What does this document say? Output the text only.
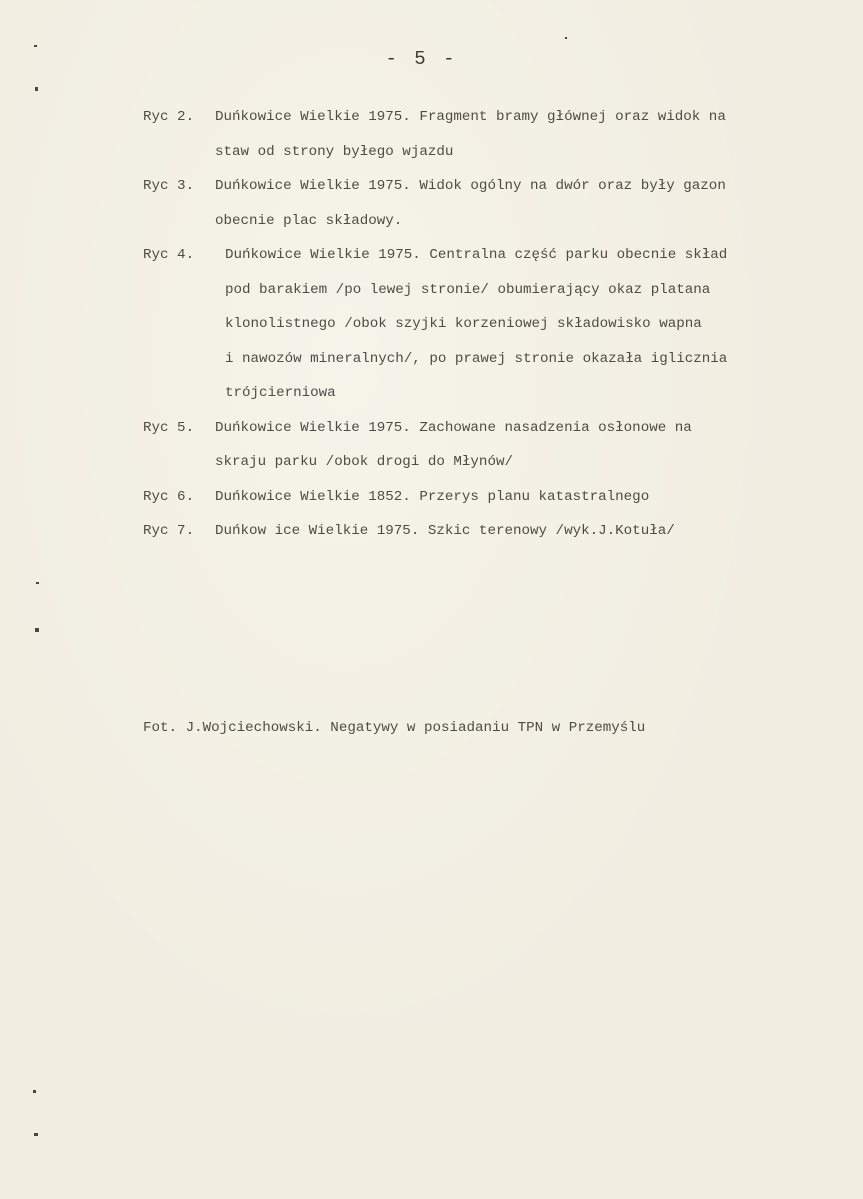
- 5 -
Ryc 2.	Duńkowice Wielkie 1975. Fragment bramy głównej oraz widok na
staw od strony byłego wjazdu
Ryc 3.	Duńkowice Wielkie 1975. Widok ogólny na dwór oraz były gazon
obecnie plac składowy.
Ryc 4.	Duńkowice Wielkie 1975. Centralna część parku obecnie skład
pod barakiem /po lewej stronie/ obumierający okaz platana
klonolistnego /obok szyjki korzeniowej składowisko wapna
i nawozów mineralnych/, po prawej stronie okazała iglicznia
trójcierniowa
Ryc 5.	Duńkowice Wielkie 1975. Zachowane nasadzenia osłonowe na
skraju parku /obok drogi do Młynów/
Ryc 6.	Duńkowice Wielkie 1852. Przerys planu katastralnego
Ryc 7.	Duńkow ice Wielkie 1975. Szkic terenowy /wyk.J.Kotuła/
Fot. J.Wojciechowski. Negatywy w posiadaniu TPN w Przemyślu
